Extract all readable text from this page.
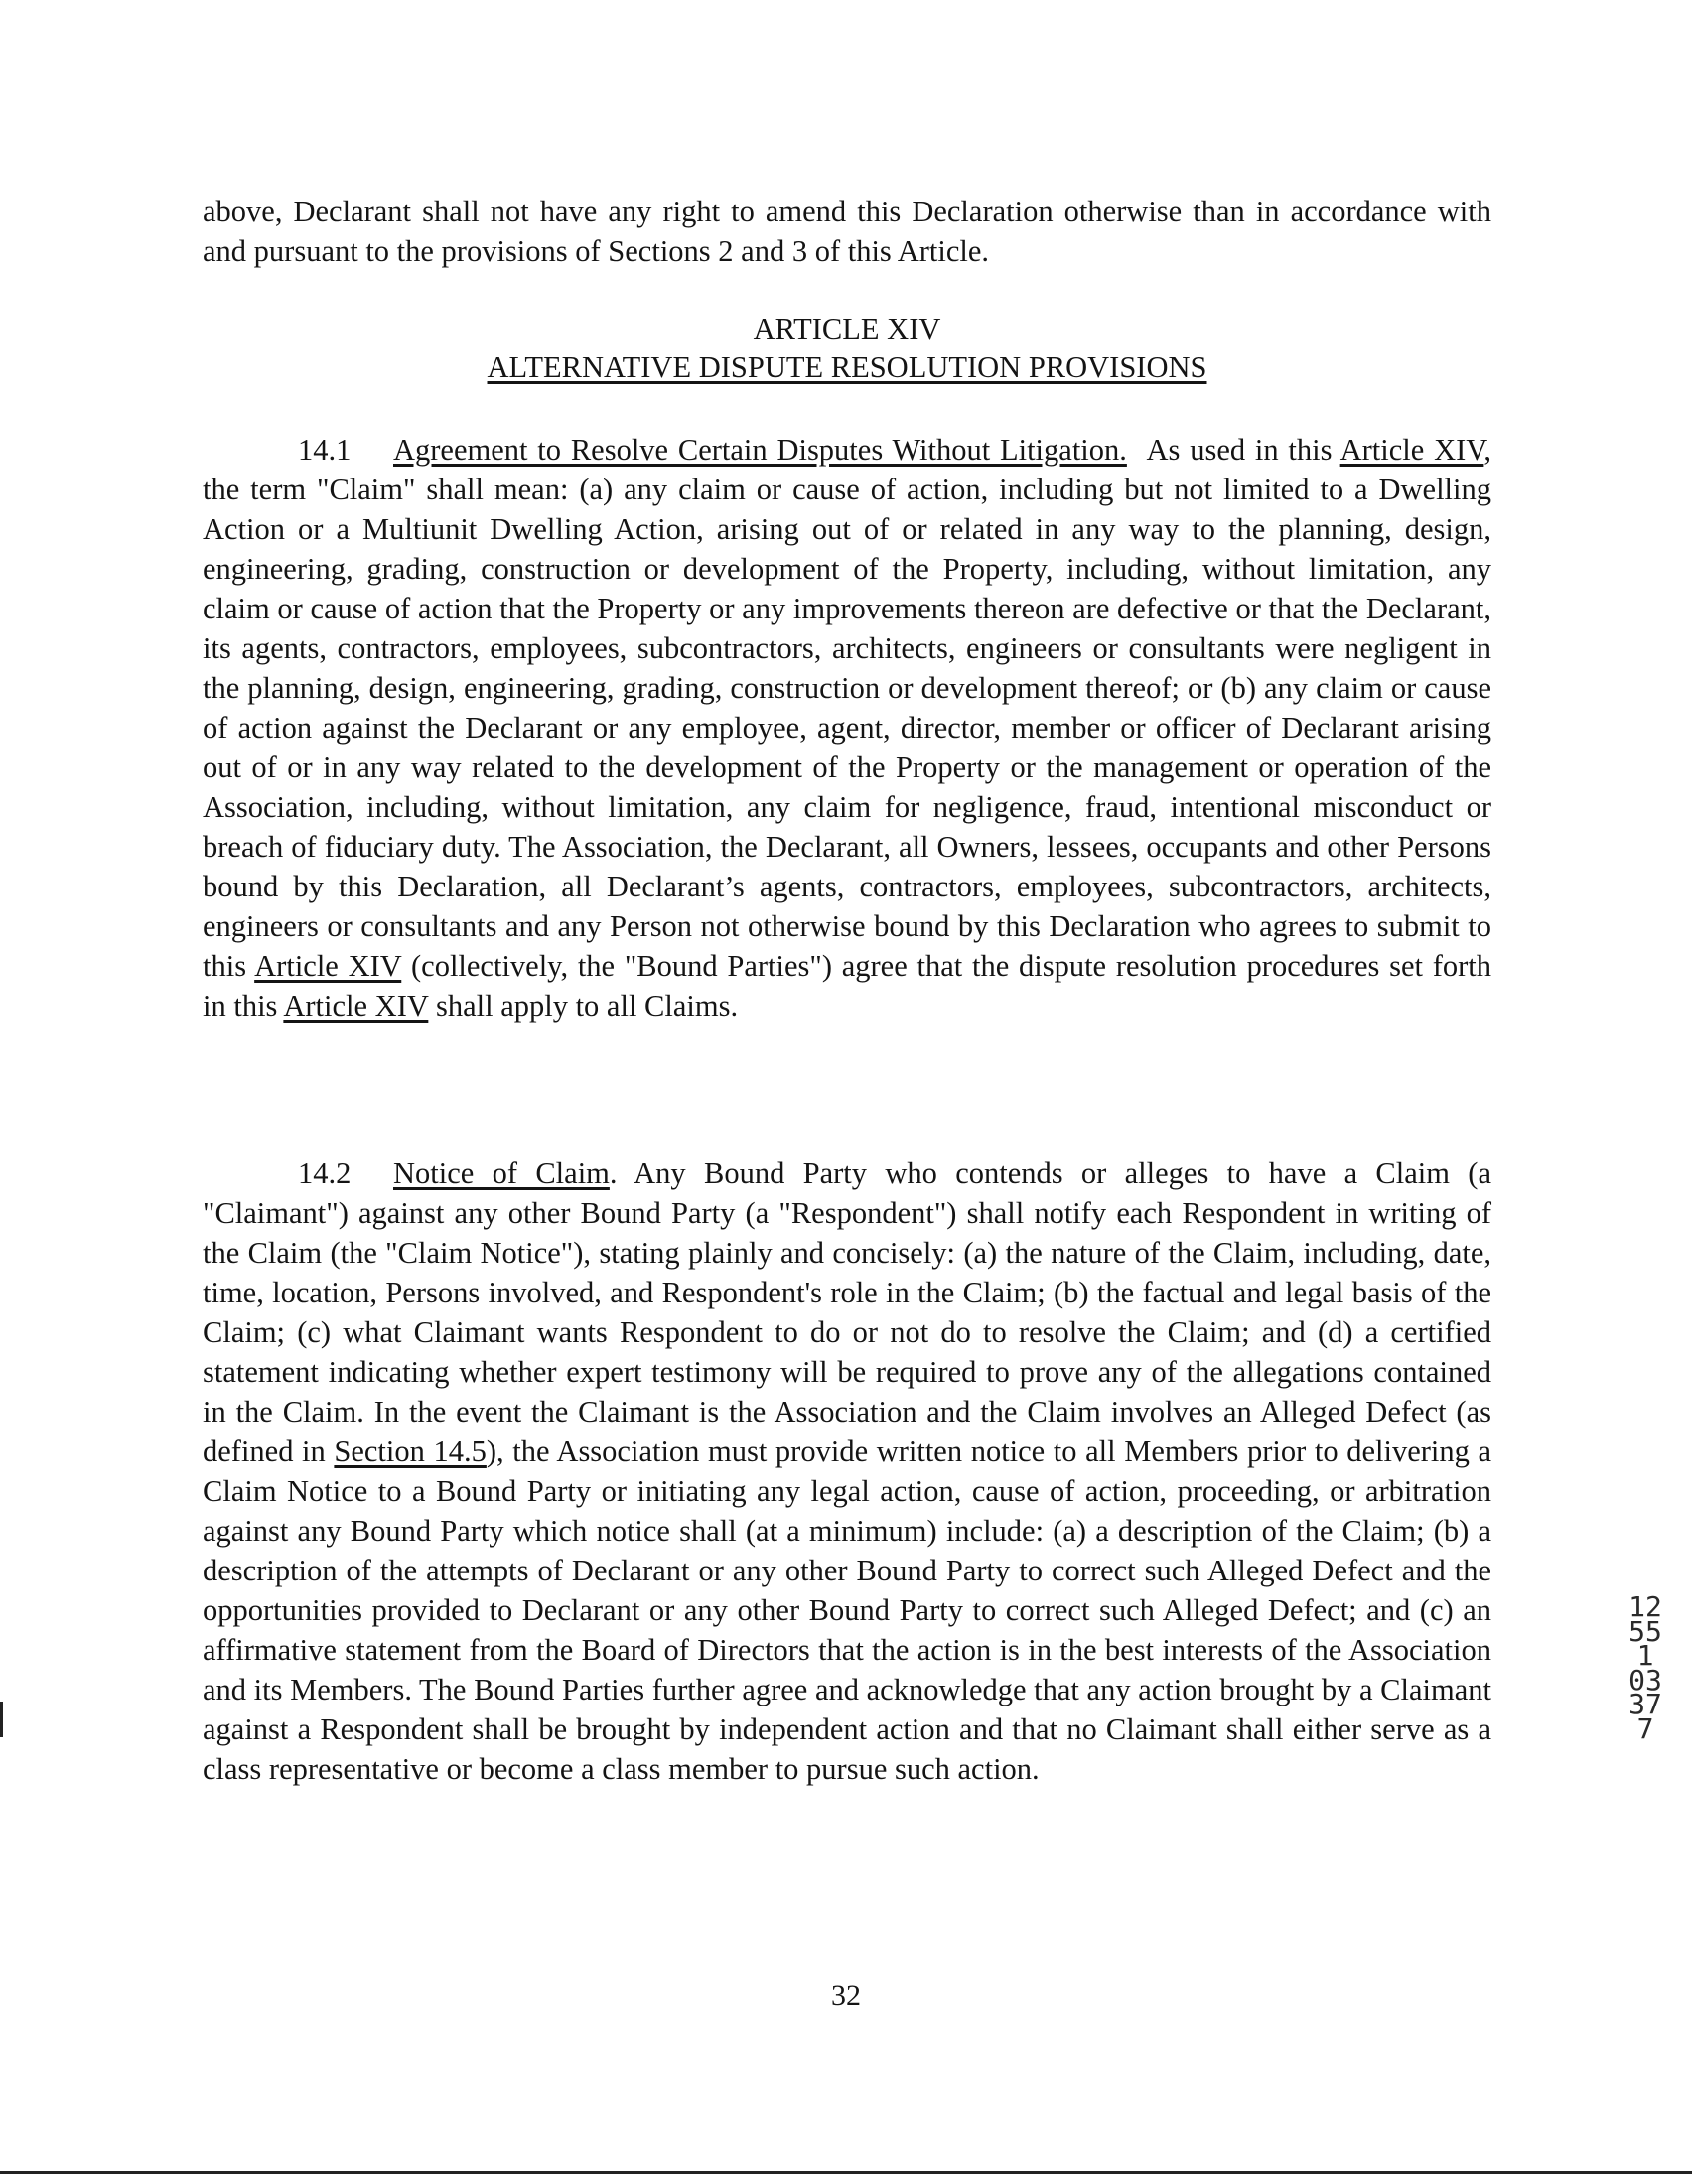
above, Declarant shall not have any right to amend this Declaration otherwise than in accordance with and pursuant to the provisions of Sections 2 and 3 of this Article.

ARTICLE XIV
ALTERNATIVE DISPUTE RESOLUTION PROVISIONS

14.1 Agreement to Resolve Certain Disputes Without Litigation. As used in this Article XIV, the term "Claim" shall mean: (a) any claim or cause of action, including but not limited to a Dwelling Action or a Multiunit Dwelling Action, arising out of or related in any way to the planning, design, engineering, grading, construction or development of the Property, including, without limitation, any claim or cause of action that the Property or any improvements thereon are defective or that the Declarant, its agents, contractors, employees, subcontractors, architects, engineers or consultants were negligent in the planning, design, engineering, grading, construction or development thereof; or (b) any claim or cause of action against the Declarant or any employee, agent, director, member or officer of Declarant arising out of or in any way related to the development of the Property or the management or operation of the Association, including, without limitation, any claim for negligence, fraud, intentional misconduct or breach of fiduciary duty. The Association, the Declarant, all Owners, lessees, occupants and other Persons bound by this Declaration, all Declarant’s agents, contractors, employees, subcontractors, architects, engineers or consultants and any Person not otherwise bound by this Declaration who agrees to submit to this Article XIV (collectively, the "Bound Parties") agree that the dispute resolution procedures set forth in this Article XIV shall apply to all Claims.

14.2 Notice of Claim. Any Bound Party who contends or alleges to have a Claim (a "Claimant") against any other Bound Party (a "Respondent") shall notify each Respondent in writing of the Claim (the "Claim Notice"), stating plainly and concisely: (a) the nature of the Claim, including, date, time, location, Persons involved, and Respondent's role in the Claim; (b) the factual and legal basis of the Claim; (c) what Claimant wants Respondent to do or not do to resolve the Claim; and (d) a certified statement indicating whether expert testimony will be required to prove any of the allegations contained in the Claim. In the event the Claimant is the Association and the Claim involves an Alleged Defect (as defined in Section 14.5), the Association must provide written notice to all Members prior to delivering a Claim Notice to a Bound Party or initiating any legal action, cause of action, proceeding, or arbitration against any Bound Party which notice shall (at a minimum) include: (a) a description of the Claim; (b) a description of the attempts of Declarant or any other Bound Party to correct such Alleged Defect and the opportunities provided to Declarant or any other Bound Party to correct such Alleged Defect; and (c) an affirmative statement from the Board of Directors that the action is in the best interests of the Association and its Members. The Bound Parties further agree and acknowledge that any action brought by a Claimant against a Respondent shall be brought by independent action and that no Claimant shall either serve as a class representative or become a class member to pursue such action.

32
12551 03377
